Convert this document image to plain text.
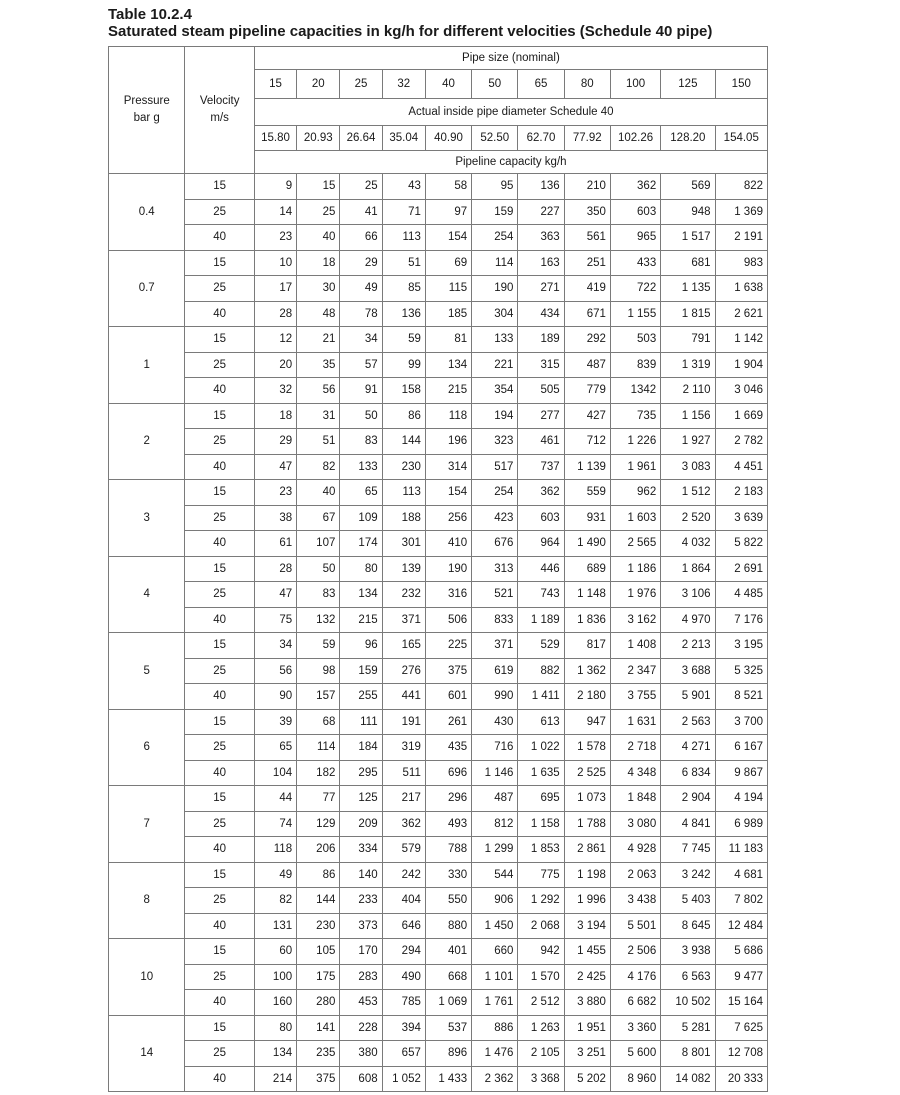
Table 10.2.4
Saturated steam pipeline capacities in kg/h for different velocities (Schedule 40 pipe)
Pressure
bar g	Velocity
m/s	Pipe size (nominal)										
		15	20	25	32	40	50	65	80	100	125	150
		Actual inside pipe diameter Schedule 40										
		15.80	20.93	26.64	35.04	40.90	52.50	62.70	77.92	102.26	128.20	154.05
		Pipeline capacity kg/h										
0.4	15	9	15	25	43	58	95	136	210	362	569	822
	25	14	25	41	71	97	159	227	350	603	948	1 369
	40	23	40	66	113	154	254	363	561	965	1 517	2 191
0.7	15	10	18	29	51	69	114	163	251	433	681	983
	25	17	30	49	85	115	190	271	419	722	1 135	1 638
	40	28	48	78	136	185	304	434	671	1 155	1 815	2 621
1	15	12	21	34	59	81	133	189	292	503	791	1 142
	25	20	35	57	99	134	221	315	487	839	1 319	1 904
	40	32	56	91	158	215	354	505	779	1342	2 110	3 046
2	15	18	31	50	86	118	194	277	427	735	1 156	1 669
	25	29	51	83	144	196	323	461	712	1 226	1 927	2 782
	40	47	82	133	230	314	517	737	1 139	1 961	3 083	4 451
3	15	23	40	65	113	154	254	362	559	962	1 512	2 183
	25	38	67	109	188	256	423	603	931	1 603	2 520	3 639
	40	61	107	174	301	410	676	964	1 490	2 565	4 032	5 822
4	15	28	50	80	139	190	313	446	689	1 186	1 864	2 691
	25	47	83	134	232	316	521	743	1 148	1 976	3 106	4 485
	40	75	132	215	371	506	833	1 189	1 836	3 162	4 970	7 176
5	15	34	59	96	165	225	371	529	817	1 408	2 213	3 195
	25	56	98	159	276	375	619	882	1 362	2 347	3 688	5 325
	40	90	157	255	441	601	990	1 411	2 180	3 755	5 901	8 521
6	15	39	68	111	191	261	430	613	947	1 631	2 563	3 700
	25	65	114	184	319	435	716	1 022	1 578	2 718	4 271	6 167
	40	104	182	295	511	696	1 146	1 635	2 525	4 348	6 834	9 867
7	15	44	77	125	217	296	487	695	1 073	1 848	2 904	4 194
	25	74	129	209	362	493	812	1 158	1 788	3 080	4 841	6 989
	40	118	206	334	579	788	1 299	1 853	2 861	4 928	7 745	11 183
8	15	49	86	140	242	330	544	775	1 198	2 063	3 242	4 681
	25	82	144	233	404	550	906	1 292	1 996	3 438	5 403	7 802
	40	131	230	373	646	880	1 450	2 068	3 194	5 501	8 645	12 484
10	15	60	105	170	294	401	660	942	1 455	2 506	3 938	5 686
	25	100	175	283	490	668	1 101	1 570	2 425	4 176	6 563	9 477
	40	160	280	453	785	1 069	1 761	2 512	3 880	6 682	10 502	15 164
14	15	80	141	228	394	537	886	1 263	1 951	3 360	5 281	7 625
	25	134	235	380	657	896	1 476	2 105	3 251	5 600	8 801	12 708
	40	214	375	608	1 052	1 433	2 362	3 368	5 202	8 960	14 082	20 333
